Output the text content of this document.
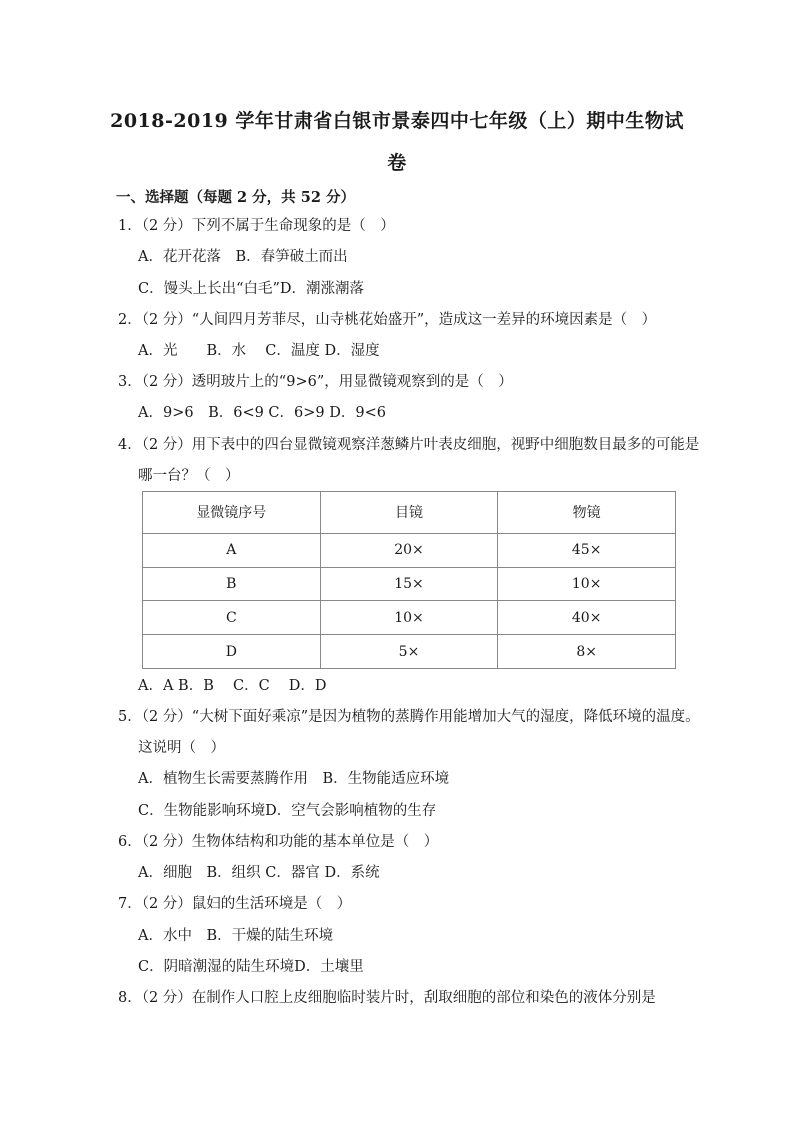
2018-2019 学年甘肃省白银市景泰四中七年级（上）期中生物试
卷
一、选择题（每题 2 分，共 52 分）
1．（2 分）下列不属于生命现象的是（　）
A．花开花落　B．春笋破土而出
C．馒头上长出“白毛”D．潮涨潮落
2．（2 分）“人间四月芳菲尽，山寺桃花始盛开”，造成这一差异的环境因素是（　）
A．光　　B．水　 C．温度 D．湿度
3．（2 分）透明玻片上的“9>6”，用显微镜观察到的是（　）
A．9>6　B．6<9 C．6>9 D．9<6
4．（2 分）用下表中的四台显微镜观察洋葱鳞片叶表皮细胞，视野中细胞数目最多的可能是
哪一台？（　）
显微镜序号	目镜	物镜
A	20×	45×
B	15×	10×
C	10×	40×
D	5×	8×
A．A B．B　 C．C　 D．D
5．（2 分）“大树下面好乘凉”是因为植物的蒸腾作用能增加大气的湿度，降低环境的温度。
这说明（　）
A．植物生长需要蒸腾作用　B．生物能适应环境
C．生物能影响环境D．空气会影响植物的生存
6．（2 分）生物体结构和功能的基本单位是（　）
A．细胞　B．组织 C．器官 D．系统
7．（2 分）鼠妇的生活环境是（　）
A．水中　B．干燥的陆生环境
C．阴暗潮湿的陆生环境D．土壤里
8．（2 分）在制作人口腔上皮细胞临时装片时，刮取细胞的部位和染色的液体分别是
